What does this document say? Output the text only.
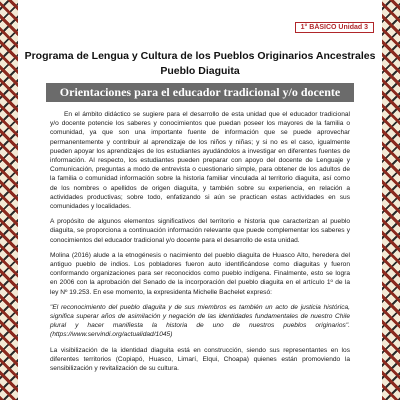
1° BÁSICO Unidad 3
Programa de Lengua y Cultura de los Pueblos Originarios Ancestrales
Pueblo Diaguita
Orientaciones para el educador tradicional y/o docente

En el ámbito didáctico se sugiere para el desarrollo de esta unidad que el educador tradicional y/o docente potencie los saberes y conocimientos que puedan poseer los mayores de la familia o comunidad, ya que son una importante fuente de información que se puede aprovechar permanentemente y contribuir al aprendizaje de los niños y niñas; y si no es el caso, igualmente pueden apoyar los aprendizajes de los estudiantes ayudándolos a investigar en diferentes fuentes de información. Al respecto, los estudiantes pueden preparar con apoyo del docente de Lenguaje y Comunicación, preguntas a modo de entrevista o cuestionario simple, para obtener de los adultos de la familia o comunidad información sobre la historia familiar vinculada al territorio diaguita, así como de los nombres o apellidos de origen diaguita, y también sobre su experiencia, en relación a actividades productivas; sobre todo, enfatizando si aún se practican estas actividades en sus comunidades y localidades.

A propósito de algunos elementos significativos del territorio e historia que caracterizan al pueblo diaguita, se proporciona a continuación información relevante que puede complementar los saberes y conocimientos del educador tradicional y/o docente para el desarrollo de esta unidad.

Molina (2016) alude a la etnogénesis o nacimiento del pueblo diaguita de Huasco Alto, heredera del antiguo pueblo de indios. Los pobladores fueron auto identificándose como diaguitas y fueron conformando organizaciones para ser reconocidos como pueblo indígena. Finalmente, esto se logra en 2006 con la aprobación del Senado de la incorporación del pueblo diaguita en el artículo 1º de la ley Nº 19.253. En ese momento, la expresidenta Michelle Bachelet expresó:

"El reconocimiento del pueblo diaguita y de sus miembros es también un acto de justicia histórica, significa superar años de asimilación y negación de las identidades fundamentales de nuestro Chile plural y hacer manifiesta la historia de uno de nuestros pueblos originarios". (https://www.servindi.org/actualidad/1045)

La visibilización de la identidad diaguita está en construcción, siendo sus representantes en los diferentes territorios (Copiapó, Huasco, Limarí, Elqui, Choapa) quienes están promoviendo la sensibilización y revitalización de su cultura.
